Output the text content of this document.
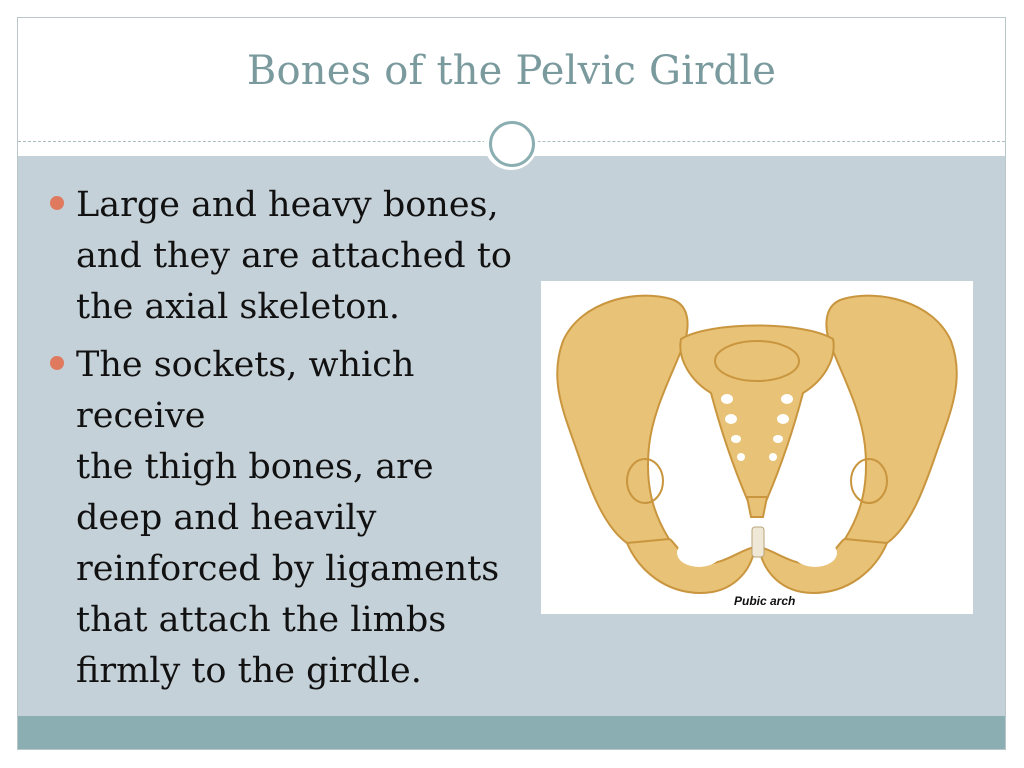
Bones of the Pelvic Girdle
Large and heavy bones,
and they are attached to
the axial skeleton.
The sockets, which
receive
the thigh bones, are
deep and heavily
reinforced by ligaments
that attach the limbs
firmly to the girdle.
Pubic arch
